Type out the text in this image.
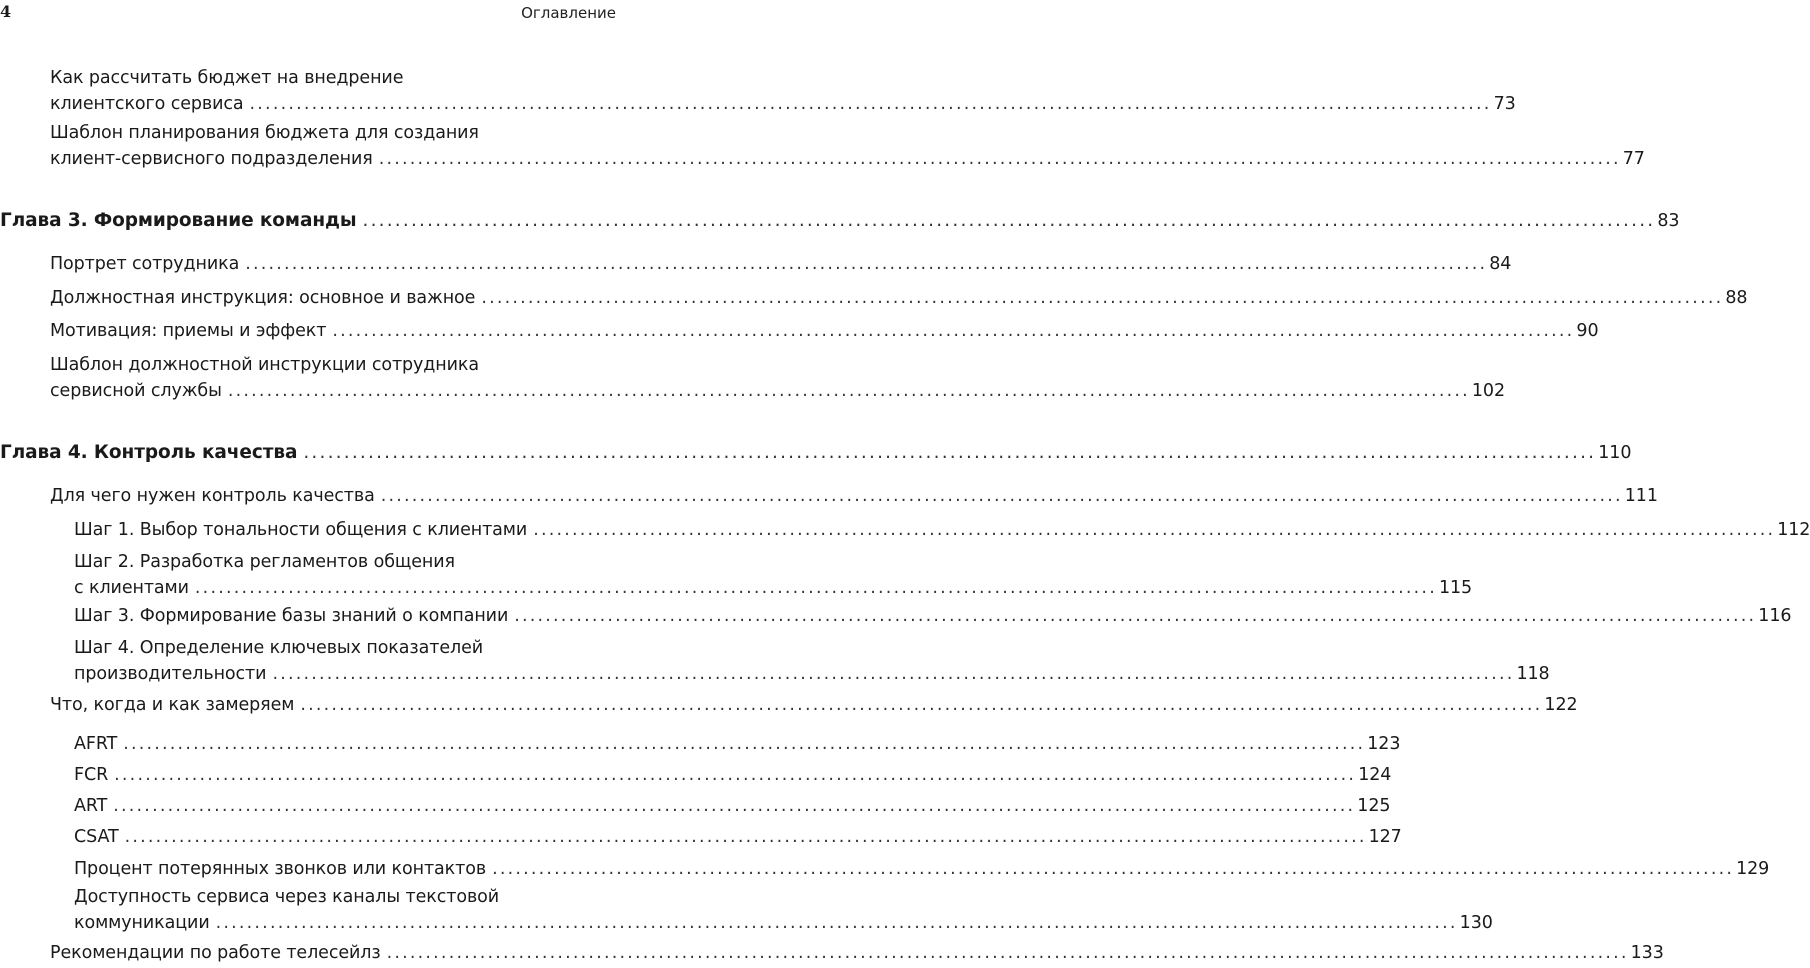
4	Оглавление
Как рассчитать бюджет на внедрение
клиентского сервиса ................................................................................................................................................................ 73
Шаблон планирования бюджета для создания
клиент-сервисного подразделения ................................................................................................................................................................ 77
Глава 3. Формирование команды ................................................................................................................................................................ 83
Портрет сотрудника ................................................................................................................................................................ 84
Должностная инструкция: основное и важное ................................................................................................................................................................ 88
Мотивация: приемы и эффект ................................................................................................................................................................ 90
Шаблон должностной инструкции сотрудника
сервисной службы ................................................................................................................................................................ 102
Глава 4. Контроль качества ................................................................................................................................................................ 110
Для чего нужен контроль качества ................................................................................................................................................................ 111
Шаг 1. Выбор тональности общения с клиентами ................................................................................................................................................................ 112
Шаг 2. Разработка регламентов общения
с клиентами ................................................................................................................................................................ 115
Шаг 3. Формирование базы знаний о компании ................................................................................................................................................................ 116
Шаг 4. Определение ключевых показателей
производительности ................................................................................................................................................................ 118
Что, когда и как замеряем ................................................................................................................................................................ 122
AFRT ................................................................................................................................................................ 123
FCR ................................................................................................................................................................ 124
ART ................................................................................................................................................................ 125
CSAT ................................................................................................................................................................ 127
Процент потерянных звонков или контактов ................................................................................................................................................................ 129
Доступность сервиса через каналы текстовой
коммуникации ................................................................................................................................................................ 130
Рекомендации по работе телесейлз ................................................................................................................................................................ 133
